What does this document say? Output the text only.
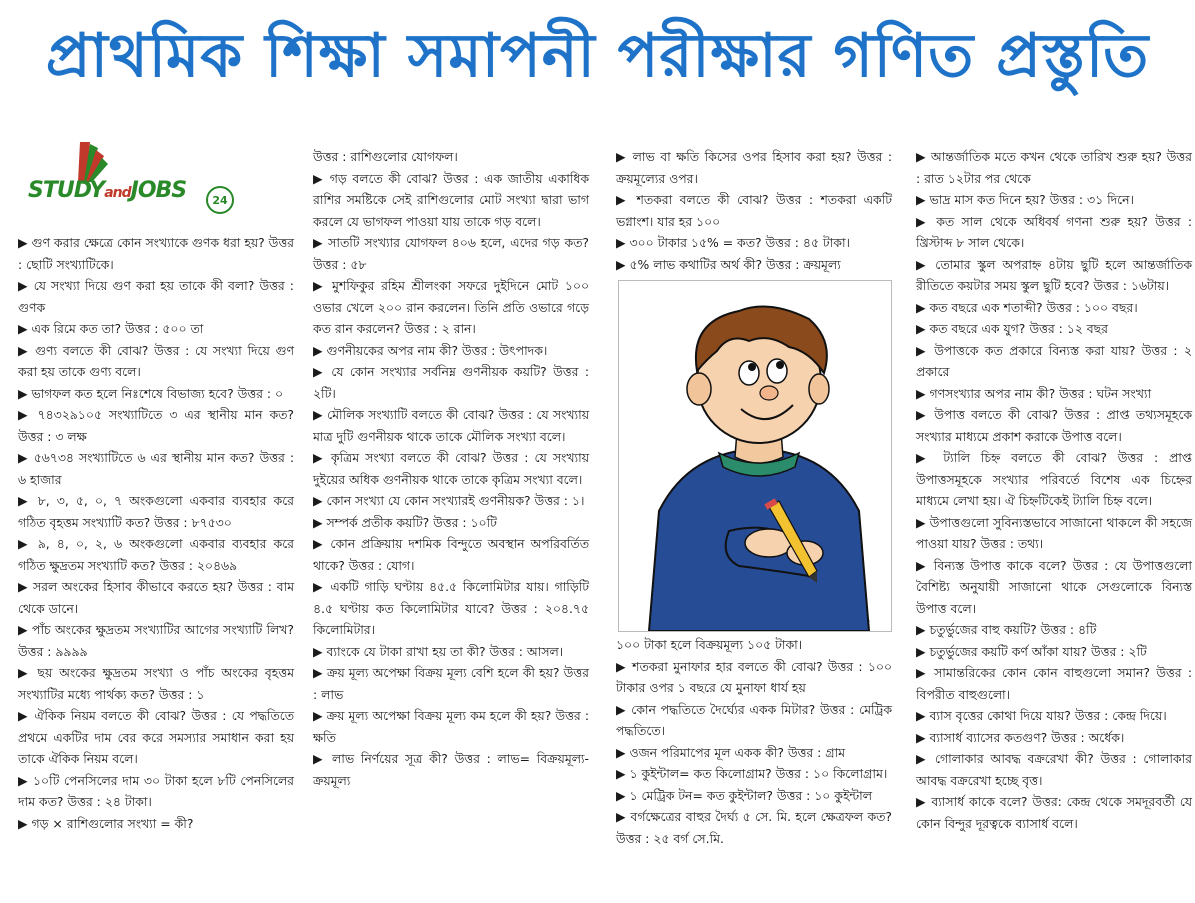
প্রাথমিক শিক্ষা সমাপনী পরীক্ষার গণিত প্রস্তুতি
STUDYandJOBS	24

▶ গুণ করার ক্ষেত্রে কোন সংখ্যাকে গুণক ধরা হয়? উত্তর : ছোটি সংখ্যাটিকে।

▶ যে সংখ্যা দিয়ে গুণ করা হয় তাকে কী বলা? উত্তর : গুণক

▶ এক রিমে কত তা? উত্তর : ৫০০ তা

▶ গুণ্য বলতে কী বোঝ? উত্তর : যে সংখ্যা দিয়ে গুণ করা হয় তাকে গুণ্য বলে।

▶ ভাগফল কত হলে নিঃশেষে বিভাজ্য হবে? উত্তর : ০

▶ ৭৪৩২৯১০৫ সংখ্যাটিতে ৩ এর স্থানীয় মান কত? উত্তর : ৩ লক্ষ

▶ ৫৬৭৩৪ সংখ্যাটিতে ৬ এর স্থানীয় মান কত? উত্তর : ৬ হাজার

▶ ৮, ৩, ৫, ০, ৭ অংকগুলো একবার ব্যবহার করে গঠিত বৃহত্তম সংখ্যাটি কত? উত্তর : ৮৭৫৩০

▶ ৯, ৪, ০, ২, ৬ অংকগুলো একবার ব্যবহার করে গঠিত ক্ষুদ্রতম সংখ্যাটি কত? উত্তর : ২০৪৬৯

▶ সরল অংকের হিসাব কীভাবে করতে হয়? উত্তর : বাম থেকে ডানে।

▶ পাঁচ অংকের ক্ষুদ্রতম সংখ্যাটির আগের সংখ্যাটি লিখ? উত্তর : ৯৯৯৯

▶ ছয় অংকের ক্ষুদ্রতম সংখ্যা ও পাঁচ অংকের বৃহত্তম সংখ্যাটির মধ্যে পার্থক্য কত? উত্তর : ১

▶ ঐকিক নিয়ম বলতে কী বোঝ? উত্তর : যে পদ্ধতিতে প্রথমে একটির দাম বের করে সমস্যার সমাধান করা হয় তাকে ঐকিক নিয়ম বলে।

▶ ১০টি পেনসিলের দাম ৩০ টাকা হলে ৮টি পেনসিলের দাম কত? উত্তর : ২৪ টাকা।

▶ গড় × রাশিগুলোর সংখ্যা = কী?

উত্তর : রাশিগুলোর যোগফল।

▶ গড় বলতে কী বোঝ? উত্তর : এক জাতীয় একাধিক রাশির সমষ্টিকে সেই রাশিগুলোর মোট সংখ্যা দ্বারা ভাগ করলে যে ভাগফল পাওয়া যায় তাকে গড় বলে।

▶ সাতটি সংখ্যার যোগফল ৪০৬ হলে, এদের গড় কত? উত্তর : ৫৮

▶ মুশফিকুর রহিম শ্রীলংকা সফরে দুইদিনে মোট ১০০ ওভার খেলে ২০০ রান করলেন। তিনি প্রতি ওভারে গড়ে কত রান করলেন? উত্তর : ২ রান।

▶ গুণনীয়কের অপর নাম কী? উত্তর : উৎপাদক।

▶ যে কোন সংখ্যার সর্বনিম্ন গুণনীয়ক কয়টি? উত্তর : ২টি।

▶ মৌলিক সংখ্যাটি বলতে কী বোঝ? উত্তর : যে সংখ্যায় মাত্র দুটি গুণনীয়ক থাকে তাকে মৌলিক সংখ্যা বলে।

▶ কৃত্রিম সংখ্যা বলতে কী বোঝ? উত্তর : যে সংখ্যায় দুইয়ের অধিক গুণনীয়ক থাকে তাকে কৃত্রিম সংখ্যা বলে।

▶ কোন সংখ্যা যে কোন সংখ্যারই গুণনীয়ক? উত্তর : ১।

▶ সম্পর্ক প্রতীক কয়টি? উত্তর : ১০টি

▶ কোন প্রক্রিয়ায় দশমিক বিন্দুতে অবস্থান অপরিবর্তিত থাকে? উত্তর : যোগ।

▶ একটি গাড়ি ঘণ্টায় ৪৫.৫ কিলোমিটার যায়। গাড়িটি ৪.৫ ঘণ্টায় কত কিলোমিটার যাবে? উত্তর : ২০৪.৭৫ কিলোমিটার।

▶ ব্যাংকে যে টাকা রাখা হয় তা কী? উত্তর : আসল।

▶ ক্রয় মূল্য অপেক্ষা বিক্রয় মূল্য বেশি হলে কী হয়? উত্তর : লাভ

▶ ক্রয় মূল্য অপেক্ষা বিক্রয় মূল্য কম হলে কী হয়? উত্তর : ক্ষতি

▶ লাভ নির্ণয়ের সূত্র কী? উত্তর : লাভ= বিক্রয়মূল্য-ক্রয়মূল্য

▶ লাভ বা ক্ষতি কিসের ওপর হিসাব করা হয়? উত্তর : ক্রয়মূল্যের ওপর।

▶ শতকরা বলতে কী বোঝ? উত্তর : শতকরা একটি ভগ্নাংশ। যার হর ১০০

▶ ৩০০ টাকার ১৫% = কত? উত্তর : ৪৫ টাকা।

▶ ৫% লাভ কথাটির অর্থ কী? উত্তর : ক্রয়মূল্য

১০০ টাকা হলে বিক্রয়মূল্য ১০৫ টাকা।

▶ শতকরা মুনাফার হার বলতে কী বোঝ? উত্তর : ১০০ টাকার ওপর ১ বছরে যে মুনাফা ধার্য হয়

▶ কোন পদ্ধতিতে দৈর্ঘ্যের একক মিটার? উত্তর : মেট্রিক পদ্ধতিতে।

▶ ওজন পরিমাপের মূল একক কী? উত্তর : গ্রাম

▶ ১ কুইন্টাল= কত কিলোগ্রাম? উত্তর : ১০ কিলোগ্রাম।

▶ ১ মেট্রিক টন= কত কুইন্টাল? উত্তর : ১০ কুইন্টাল

▶ বর্গক্ষেত্রের বাহুর দৈর্ঘ্য ৫ সে. মি. হলে ক্ষেত্রফল কত? উত্তর : ২৫ বর্গ সে.মি.

▶ আন্তর্জাতিক মতে কখন থেকে তারিখ শুরু হয়? উত্তর : রাত ১২টার পর থেকে

▶ ভাদ্র মাস কত দিনে হয়? উত্তর : ৩১ দিনে।

▶ কত সাল থেকে অধিবর্ষ গণনা শুরু হয়? উত্তর : খ্রিস্টাব্দ ৮ সাল থেকে।

▶ তোমার স্কুল অপরাহ্ন ৪টায় ছুটি হলে আন্তর্জাতিক রীতিতে কয়টার সময় স্কুল ছুটি হবে? উত্তর : ১৬টায়।

▶ কত বছরে এক শতাব্দী? উত্তর : ১০০ বছর।

▶ কত বছরে এক যুগ? উত্তর : ১২ বছর

▶ উপাত্তকে কত প্রকারে বিন্যস্ত করা যায়? উত্তর : ২ প্রকারে

▶ গণসংখ্যার অপর নাম কী? উত্তর : ঘটন সংখ্যা

▶ উপাত্ত বলতে কী বোঝ? উত্তর : প্রাপ্ত তথ্যসমূহকে সংখ্যার মাধ্যমে প্রকাশ করাকে উপাত্ত বলে।

▶ ট্যালি চিহ্ন বলতে কী বোঝ? উত্তর : প্রাপ্ত উপাত্তসমূহকে সংখ্যার পরিবর্তে বিশেষ এক চিহ্নের মাধ্যমে লেখা হয়। ঐ চিহ্নটিকেই ট্যালি চিহ্ন বলে।

▶ উপাত্তগুলো সুবিন্যস্তভাবে সাজানো থাকলে কী সহজে পাওয়া যায়? উত্তর : তথ্য।

▶ বিন্যস্ত উপাত্ত কাকে বলে? উত্তর : যে উপাত্তগুলো বৈশিষ্ট্য অনুযায়ী সাজানো থাকে সেগুলোকে বিন্যস্ত উপাত্ত বলে।

▶ চতুর্ভুজের বাহু কয়টি? উত্তর : ৪টি

▶ চতুর্ভুজের কয়টি কর্ণ আঁকা যায়? উত্তর : ২টি

▶ সামান্তরিকের কোন কোন বাহুগুলো সমান? উত্তর : বিপরীত বাহুগুলো।

▶ ব্যাস বৃত্তের কোথা দিয়ে যায়? উত্তর : কেন্দ্র দিয়ে।

▶ ব্যাসার্ধ ব্যাসের কতগুণ? উত্তর : অর্ধেক।

▶ গোলাকার আবদ্ধ বক্ররেখা কী? উত্তর : গোলাকার আবদ্ধ বক্ররেখা হচ্ছে বৃত্ত।

▶ ব্যাসার্ধ কাকে বলে? উত্তর: কেন্দ্র থেকে সমদূরবর্তী যে কোন বিন্দুর দূরত্বকে ব্যাসার্ধ বলে।
